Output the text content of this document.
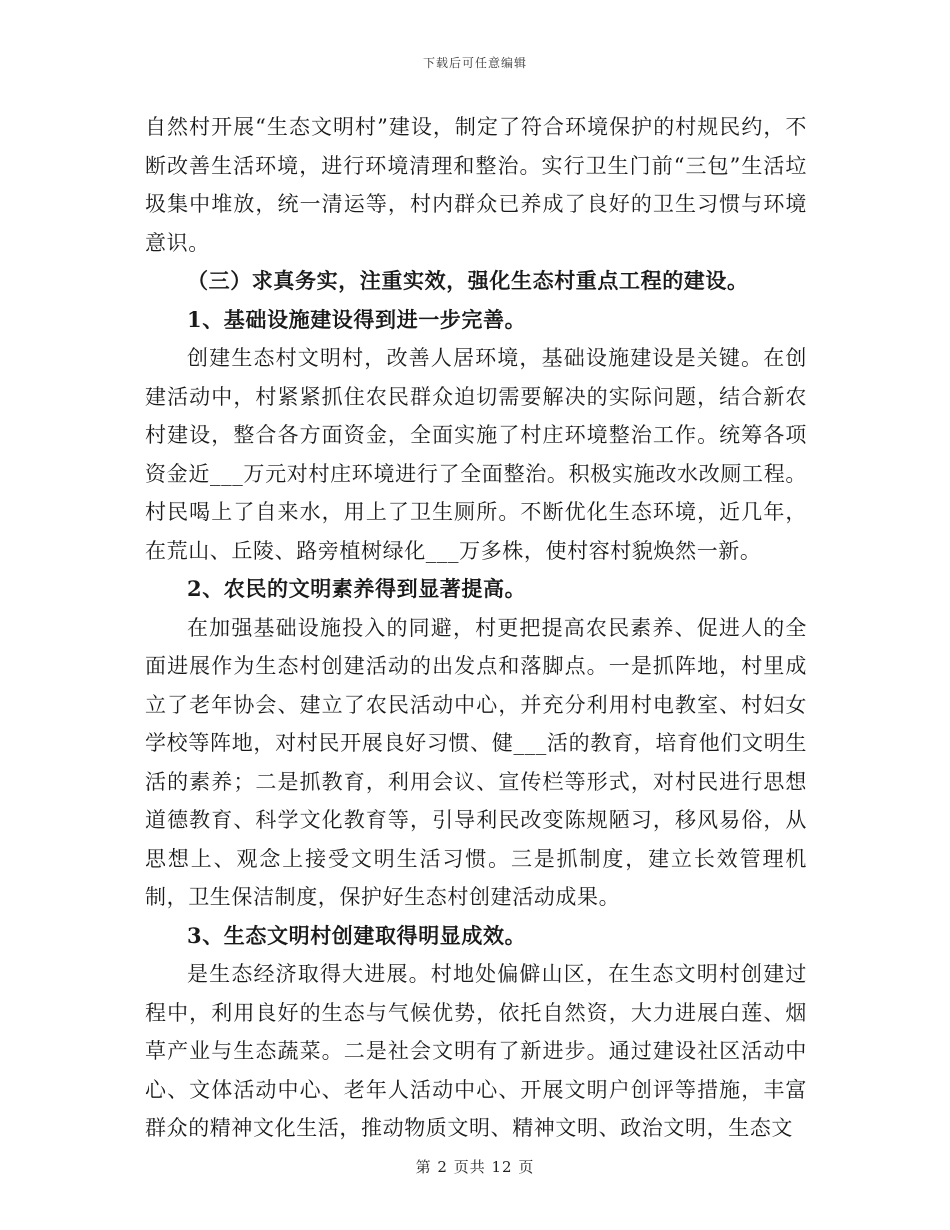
下载后可任意编辑

自然村开展“生态文明村”建设，制定了符合环境保护的村规民约，不断改善生活环境，进行环境清理和整治。实行卫生门前“三包”生活垃圾集中堆放，统一清运等，村内群众已养成了良好的卫生习惯与环境意识。

（三）求真务实，注重实效，强化生态村重点工程的建设。

1、基础设施建设得到进一步完善。

创建生态村文明村，改善人居环境，基础设施建设是关键。在创建活动中，村紧紧抓住农民群众迫切需要解决的实际问题，结合新农村建设，整合各方面资金，全面实施了村庄环境整治工作。统筹各项资金近___万元对村庄环境进行了全面整治。积极实施改水改厕工程。村民喝上了自来水，用上了卫生厕所。不断优化生态环境，近几年，在荒山、丘陵、路旁植树绿化___万多株，使村容村貌焕然一新。

2、农民的文明素养得到显著提高。

在加强基础设施投入的同避，村更把提高农民素养、促进人的全面进展作为生态村创建活动的出发点和落脚点。一是抓阵地，村里成立了老年协会、建立了农民活动中心，并充分利用村电教室、村妇女学校等阵地，对村民开展良好习惯、健___活的教育，培育他们文明生活的素养；二是抓教育，利用会议、宣传栏等形式，对村民进行思想道德教育、科学文化教育等，引导利民改变陈规陋习，移风易俗，从思想上、观念上接受文明生活习惯。三是抓制度，建立长效管理机制，卫生保洁制度，保护好生态村创建活动成果。

3、生态文明村创建取得明显成效。

是生态经济取得大进展。村地处偏僻山区，在生态文明村创建过程中，利用良好的生态与气候优势，依托自然资，大力进展白莲、烟草产业与生态蔬菜。二是社会文明有了新进步。通过建设社区活动中心、文体活动中心、老年人活动中心、开展文明户创评等措施，丰富群众的精神文化生活，推动物质文明、精神文明、政治文明，生态文

第 2 页共 12 页
